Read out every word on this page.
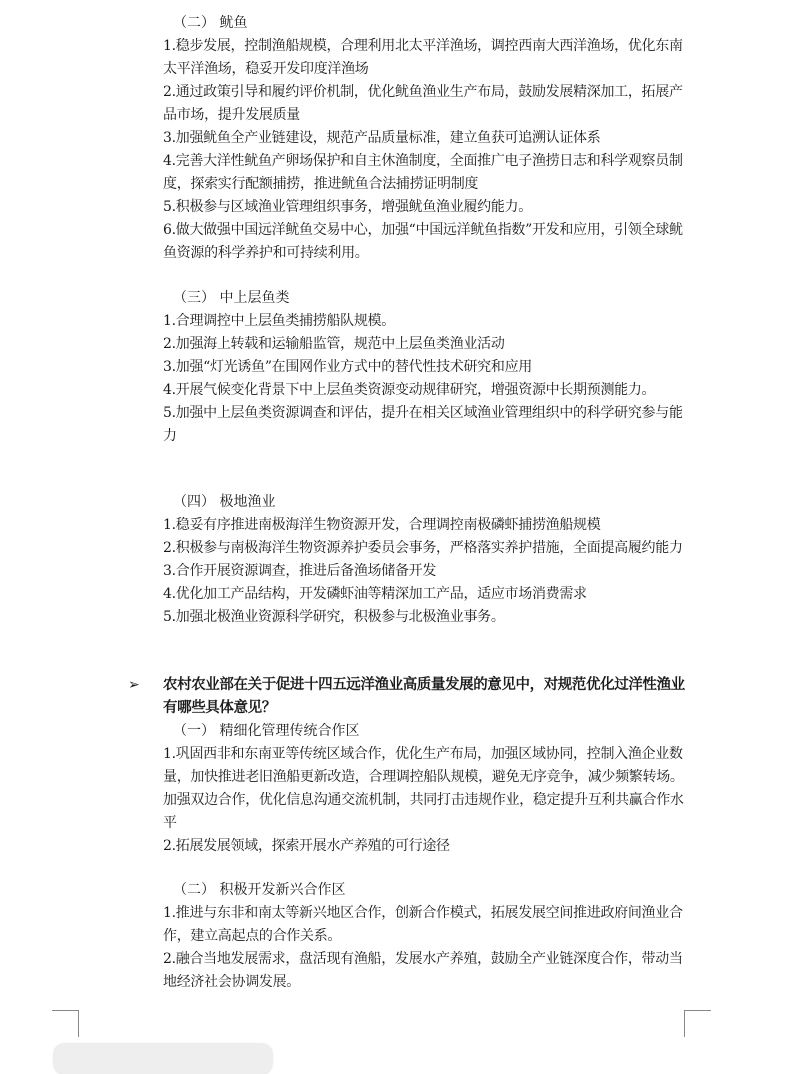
（二） 鱿鱼
1.稳步发展，控制渔船规模，合理利用北太平洋渔场，调控西南大西洋渔场，优化东南太平洋渔场，稳妥开发印度洋渔场
2.通过政策引导和履约评价机制，优化鱿鱼渔业生产布局，鼓励发展精深加工，拓展产品市场，提升发展质量
3.加强鱿鱼全产业链建设，规范产品质量标准，建立鱼获可追溯认证体系
4.完善大洋性鱿鱼产卵场保护和自主休渔制度，全面推广电子渔捞日志和科学观察员制度，探索实行配额捕捞，推进鱿鱼合法捕捞证明制度
5.积极参与区域渔业管理组织事务，增强鱿鱼渔业履约能力。
6.做大做强中国远洋鱿鱼交易中心，加强“中国远洋鱿鱼指数”开发和应用，引领全球鱿鱼资源的科学养护和可持续利用。
（三） 中上层鱼类
1.合理调控中上层鱼类捕捞船队规模。
2.加强海上转载和运输船监管，规范中上层鱼类渔业活动
3.加强“灯光诱鱼”在围网作业方式中的替代性技术研究和应用
4.开展气候变化背景下中上层鱼类资源变动规律研究，增强资源中长期预测能力。
5.加强中上层鱼类资源调查和评估，提升在相关区域渔业管理组织中的科学研究参与能力
（四） 极地渔业
1.稳妥有序推进南极海洋生物资源开发，合理调控南极磷虾捕捞渔船规模
2.积极参与南极海洋生物资源养护委员会事务，严格落实养护措施，全面提高履约能力
3.合作开展资源调查，推进后备渔场储备开发
4.优化加工产品结构，开发磷虾油等精深加工产品，适应市场消费需求
5.加强北极渔业资源科学研究，积极参与北极渔业事务。
➢ 农村农业部在关于促进十四五远洋渔业高质量发展的意见中，对规范优化过洋性渔业有哪些具体意见？
（一） 精细化管理传统合作区
1.巩固西非和东南亚等传统区域合作，优化生产布局，加强区域协同，控制入渔企业数量，加快推进老旧渔船更新改造，合理调控船队规模，避免无序竞争，减少频繁转场。加强双边合作，优化信息沟通交流机制，共同打击违规作业，稳定提升互利共赢合作水平
2.拓展发展领域，探索开展水产养殖的可行途径
（二） 积极开发新兴合作区
1.推进与东非和南太等新兴地区合作，创新合作模式，拓展发展空间推进政府间渔业合作，建立高起点的合作关系。
2.融合当地发展需求，盘活现有渔船，发展水产养殖，鼓励全产业链深度合作，带动当地经济社会协调发展。
